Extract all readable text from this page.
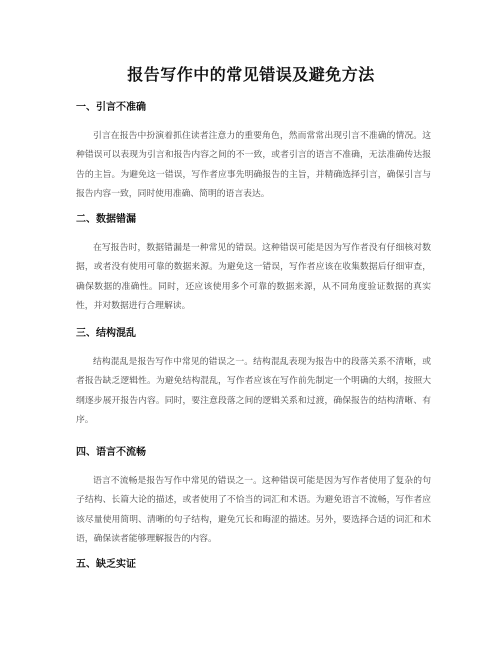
报告写作中的常见错误及避免方法
一、引言不准确

引言在报告中扮演着抓住读者注意力的重要角色，然而常常出现引言不准确的情况。这种错误可以表现为引言和报告内容之间的不一致，或者引言的语言不准确，无法准确传达报告的主旨。为避免这一错误，写作者应事先明确报告的主旨，并精确选择引言，确保引言与报告内容一致，同时使用准确、简明的语言表达。

二、数据错漏

在写报告时，数据错漏是一种常见的错误。这种错误可能是因为写作者没有仔细核对数据，或者没有使用可靠的数据来源。为避免这一错误，写作者应该在收集数据后仔细审查，确保数据的准确性。同时，还应该使用多个可靠的数据来源，从不同角度验证数据的真实性，并对数据进行合理解读。

三、结构混乱

结构混乱是报告写作中常见的错误之一。结构混乱表现为报告中的段落关系不清晰，或者报告缺乏逻辑性。为避免结构混乱，写作者应该在写作前先制定一个明确的大纲，按照大纲逐步展开报告内容。同时，要注意段落之间的逻辑关系和过渡，确保报告的结构清晰、有序。

四、语言不流畅

语言不流畅是报告写作中常见的错误之一。这种错误可能是因为写作者使用了复杂的句子结构、长篇大论的描述，或者使用了不恰当的词汇和术语。为避免语言不流畅，写作者应该尽量使用简明、清晰的句子结构，避免冗长和晦涩的描述。另外，要选择合适的词汇和术语，确保读者能够理解报告的内容。

五、缺乏实证
